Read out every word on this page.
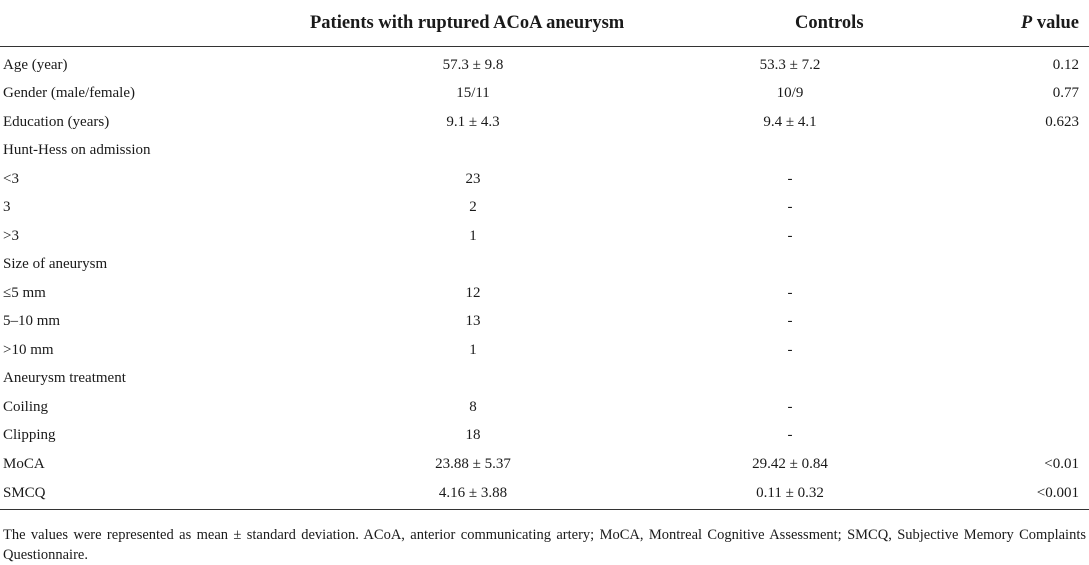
Patients with ruptured ACoA aneurysm		Controls	P value
Age (year)	57.3 ± 9.8	53.3 ± 7.2	0.12
Gender (male/female)	15/11	10/9	0.77
Education (years)	9.1 ± 4.3	9.4 ± 4.1	0.623
Hunt-Hess on admission			
<3	23	-	
3	2	-	
>3	1	-	
Size of aneurysm			
≤5 mm	12	-	
5–10 mm	13	-	
>10 mm	1	-	
Aneurysm treatment			
Coiling	8	-	
Clipping	18	-	
MoCA	23.88 ± 5.37	29.42 ± 0.84	<0.01
SMCQ	4.16 ± 3.88	0.11 ± 0.32	<0.001
The values were represented as mean ± standard deviation. ACoA, anterior communicating artery; MoCA, Montreal Cognitive Assessment; SMCQ, Subjective Memory Complaints Questionnaire.
